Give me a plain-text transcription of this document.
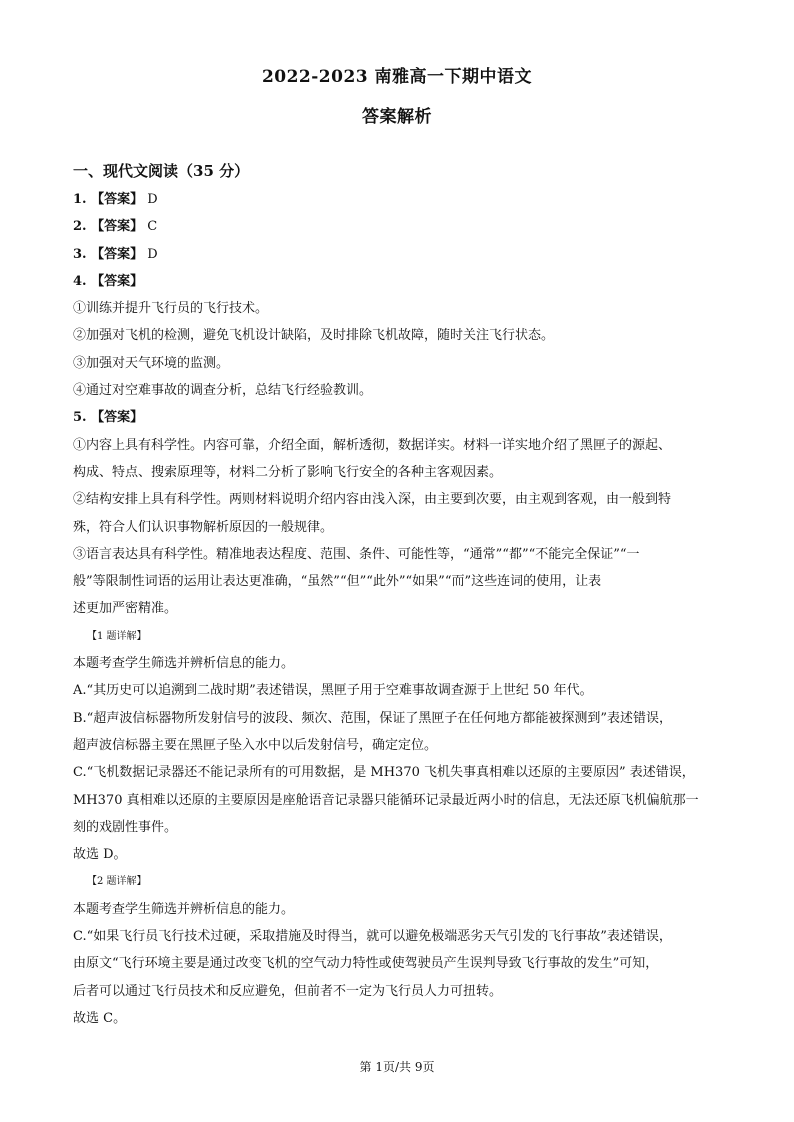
2022-2023 南雅高一下期中语文
答案解析
一、现代文阅读（35 分）
1. 【答案】 D
2. 【答案】 C
3. 【答案】 D
4. 【答案】
①训练并提升飞行员的飞行技术。
②加强对飞机的检测，避免飞机设计缺陷，及时排除飞机故障，随时关注飞行状态。
③加强对天气环境的监测。
④通过对空难事故的调查分析，总结飞行经验教训。
5. 【答案】
①内容上具有科学性。内容可靠，介绍全面，解析透彻，数据详实。材料一详实地介绍了黑匣子的源起、
构成、特点、搜索原理等，材料二分析了影响飞行安全的各种主客观因素。
②结构安排上具有科学性。两则材料说明介绍内容由浅入深，由主要到次要，由主观到客观，由一般到特
殊，符合人们认识事物解析原因的一般规律。
③语言表达具有科学性。精准地表达程度、范围、条件、可能性等，“通常”“都”“不能完全保证”“一
般”等限制性词语的运用让表达更准确，“虽然”“但”“此外”“如果”“而”这些连词的使用，让表
述更加严密精准。
【1 题详解】
本题考查学生筛选并辨析信息的能力。
A.“其历史可以追溯到二战时期”表述错误，黑匣子用于空难事故调查源于上世纪 50 年代。
B.“超声波信标器物所发射信号的波段、频次、范围，保证了黑匣子在任何地方都能被探测到”表述错误，
超声波信标器主要在黑匣子坠入水中以后发射信号，确定定位。
C.“飞机数据记录器还不能记录所有的可用数据，是 MH370 飞机失事真相难以还原的主要原因” 表述错误，
MH370 真相难以还原的主要原因是座舱语音记录器只能循环记录最近两小时的信息，无法还原飞机偏航那一
刻的戏剧性事件。
故选 D。
【2 题详解】
本题考查学生筛选并辨析信息的能力。
C.“如果飞行员飞行技术过硬，采取措施及时得当，就可以避免极端恶劣天气引发的飞行事故”表述错误，
由原文“飞行环境主要是通过改变飞机的空气动力特性或使驾驶员产生误判导致飞行事故的发生”可知，
后者可以通过飞行员技术和反应避免，但前者不一定为飞行员人力可扭转。
故选 C。
第 1页/共 9页
